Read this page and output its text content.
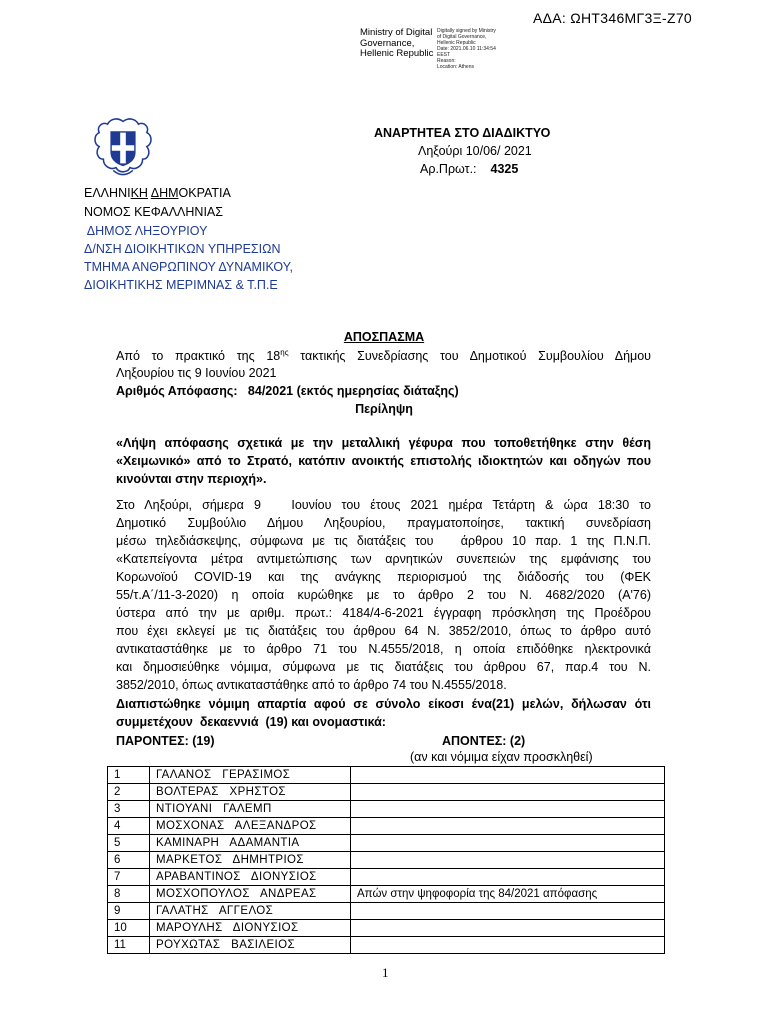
ΑΔΑ: ΩΗΤ346ΜΓ3Ξ-Ζ70
Ministry of Digital
Governance,
Hellenic Republic
Digitally signed by Ministry
of Digital Governance,
Hellenic Republic
Date: 2021.06.10 11:34:54
EEST
Reason:
Location: Athens
ΑΝΑΡΤΗΤΕΑ ΣΤΟ ΔΙΑΔΙΚΤΥΟ
Ληξούρι 10/06/ 2021
Αρ.Πρωτ.: 4325
ΕΛΛΗΝΙΚΗ ΔΗΜΟΚΡΑΤΙΑ
ΝΟΜΟΣ ΚΕΦΑΛΛΗΝΙΑΣ
ΔΗΜΟΣ ΛΗΞΟΥΡΙΟΥ
Δ/ΝΣΗ ΔΙΟΙΚΗΤΙΚΩΝ ΥΠΗΡΕΣΙΩΝ
ΤΜΗΜΑ ΑΝΘΡΩΠΙΝΟΥ ΔΥΝΑΜΙΚΟΥ,
ΔΙΟΙΚΗΤΙΚΗΣ ΜΕΡΙΜΝΑΣ & Τ.Π.Ε
ΑΠΟΣΠΑΣΜΑ
Από το πρακτικό της $18^{\eta\varsigma}$ τακτικής Συνεδρίασης του Δημοτικού Συμβουλίου Δήμου
Ληξουρίου τις 9 Ιουνίου 2021
Αριθμός Απόφασης: 84/2021 (εκτός ημερησίας διάταξης)
Περίληψη
«Λήψη απόφασης σχετικά με την μεταλλική γέφυρα που τοποθετήθηκε στην θέση
«Χειμωνικό» από το Στρατό, κατόπιν ανοικτής επιστολής ιδιοκτητών και οδηγών που
κινούνται στην περιοχή».
Στο Ληξούρι, σήμερα 9   Ιουνίου του έτους 2021 ημέρα Τετάρτη & ώρα 18:30 το
Δημοτικό Συμβούλιο Δήμου Ληξουρίου, πραγματοποίησε, τακτική συνεδρίαση
μέσω τηλεδιάσκεψης, σύμφωνα με τις διατάξεις του   άρθρου 10 παρ. 1 της Π.Ν.Π.
«Κατεπείγοντα μέτρα αντιμετώπισης των αρνητικών συνεπειών της εμφάνισης του
Κορωνοϊού COVID-19 και της ανάγκης περιορισμού της διάδοσής του (ΦΕΚ
55/τ.Α΄/11-3-2020) η οποία κυρώθηκε με το άρθρο 2 του Ν. 4682/2020 (Α'76)
ύστερα από την με αριθμ. πρωτ.: 4184/4-6-2021 έγγραφη πρόσκληση της Προέδρου
που έχει εκλεγεί με τις διατάξεις του άρθρου 64 Ν. 3852/2010, όπως το άρθρο αυτό
αντικαταστάθηκε με το άρθρο 71 του Ν.4555/2018, η οποία επιδόθηκε ηλεκτρονικά
και δημοσιεύθηκε νόμιμα, σύμφωνα με τις διατάξεις του άρθρου 67, παρ.4 του Ν.
3852/2010, όπως αντικαταστάθηκε από το άρθρο 74 του Ν.4555/2018.
Διαπιστώθηκε νόμιμη απαρτία αφού σε σύνολο είκοσι ένα(21) μελών, δήλωσαν ότι
συμμετέχουν  δεκαεννιά  (19) και ονομαστικά:
ΠΑΡΟΝΤΕΣ: (19)	ΑΠΟΝΤΕΣ: (2)
(αν και νόμιμα είχαν προσκληθεί)
1	ΓΑΛΑΝΟΣ   ΓΕΡΑΣΙΜΟΣ	
2	ΒΟΛΤΕΡΑΣ   ΧΡΗΣΤΟΣ	
3	ΝΤΙΟΥΑΝΙ   ΓΑΛΕΜΠ	
4	ΜΟΣΧΟΝΑΣ   ΑΛΕΞΑΝΔΡΟΣ	
5	ΚΑΜΙΝΑΡΗ   ΑΔΑΜΑΝΤΙΑ	
6	ΜΑΡΚΕΤΟΣ   ΔΗΜΗΤΡΙΟΣ	
7	ΑΡΑΒΑΝΤΙΝΟΣ   ΔΙΟΝΥΣΙΟΣ	
8	ΜΟΣΧΟΠΟΥΛΟΣ   ΑΝΔΡΕΑΣ	Απών στην ψηφοφορία της 84/2021 απόφασης
9	ΓΑΛΑΤΗΣ   ΑΓΓΕΛΟΣ	
10	ΜΑΡΟΥΛΗΣ   ΔΙΟΝΥΣΙΟΣ	
11	ΡΟΥΧΩΤΑΣ   ΒΑΣΙΛΕΙΟΣ	
1
